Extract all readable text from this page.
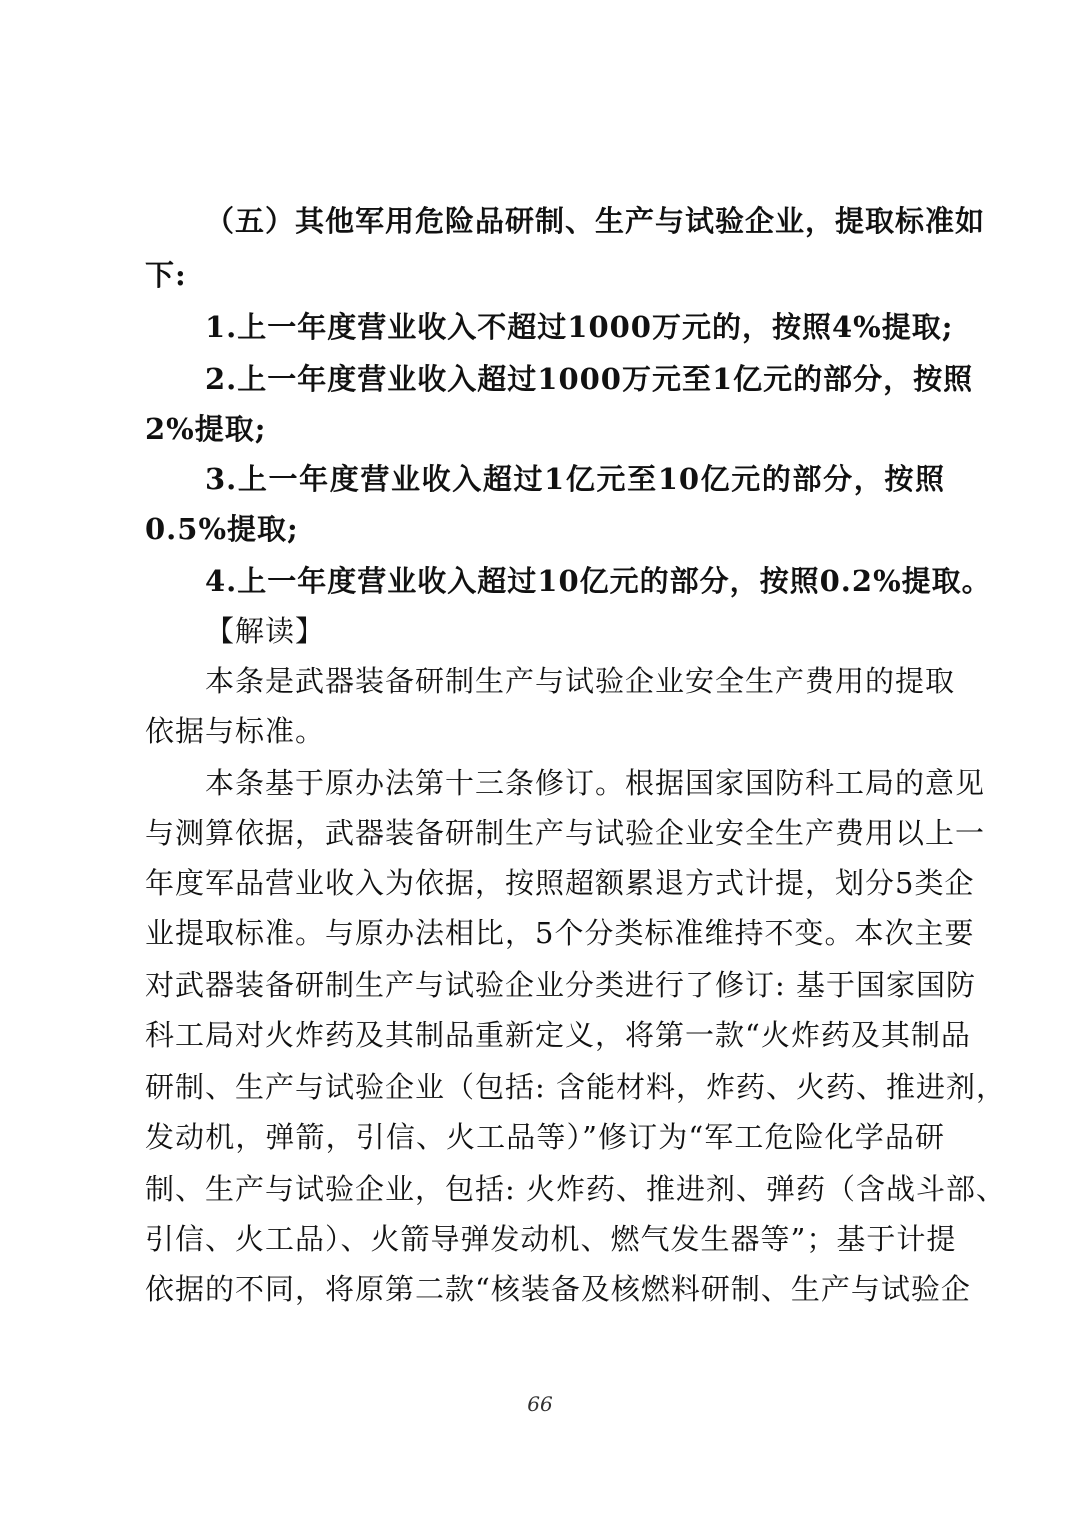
（五）其他军用危险品研制、生产与试验企业，提取标准如
下:
1.上一年度营业收入不超过1000万元的，按照4%提取;
2.上一年度营业收入超过1000万元至1亿元的部分，按照
2%提取;
3.上一年度营业收入超过1亿元至10亿元的部分，按照
0.5%提取;
4.上一年度营业收入超过10亿元的部分，按照0.2%提取。
【解读】
本条是武器装备研制生产与试验企业安全生产费用的提取
依据与标准。
本条基于原办法第十三条修订。根据国家国防科工局的意见
与测算依据，武器装备研制生产与试验企业安全生产费用以上一
年度军品营业收入为依据，按照超额累退方式计提，划分5类企
业提取标准。与原办法相比，5个分类标准维持不变。本次主要
对武器装备研制生产与试验企业分类进行了修订: 基于国家国防
科工局对火炸药及其制品重新定义，将第一款“火炸药及其制品
研制、生产与试验企业（包括: 含能材料，炸药、火药、推进剂，
发动机，弹箭，引信、火工品等）”修订为“军工危险化学品研
制、生产与试验企业，包括: 火炸药、推进剂、弹药（含战斗部、
引信、火工品）、火箭导弹发动机、燃气发生器等”；基于计提
依据的不同，将原第二款“核装备及核燃料研制、生产与试验企
66
